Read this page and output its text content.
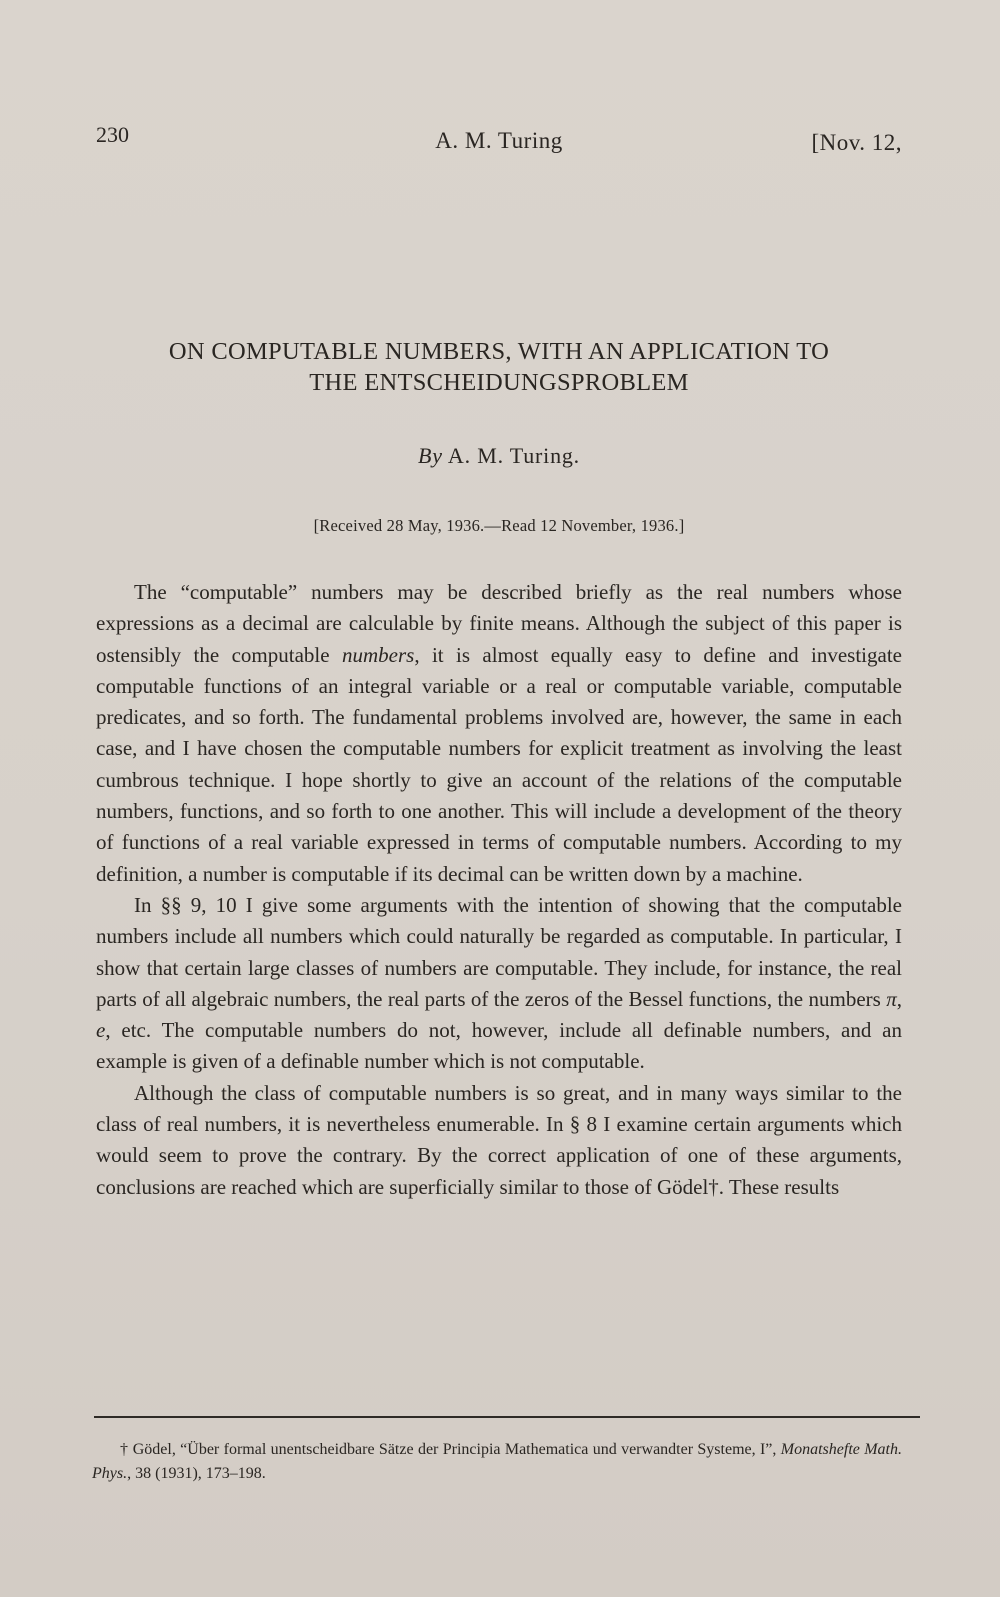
230	A. M. Turing	[Nov. 12,
ON COMPUTABLE NUMBERS, WITH AN APPLICATION TO
THE ENTSCHEIDUNGSPROBLEM
By A. M. Turing.
[Received 28 May, 1936.—Read 12 November, 1936.]

The “computable” numbers may be described briefly as the real numbers whose expressions as a decimal are calculable by finite means. Although the subject of this paper is ostensibly the computable numbers, it is almost equally easy to define and investigate computable functions of an integral variable or a real or computable variable, computable predicates, and so forth. The fundamental problems involved are, however, the same in each case, and I have chosen the computable numbers for explicit treatment as involving the least cumbrous technique. I hope shortly to give an account of the relations of the computable numbers, functions, and so forth to one another. This will include a development of the theory of functions of a real variable expressed in terms of computable numbers. According to my definition, a number is computable if its decimal can be written down by a machine.

In §§ 9, 10 I give some arguments with the intention of showing that the computable numbers include all numbers which could naturally be regarded as computable. In particular, I show that certain large classes of numbers are computable. They include, for instance, the real parts of all algebraic numbers, the real parts of the zeros of the Bessel functions, the numbers π, e, etc. The computable numbers do not, however, include all definable numbers, and an example is given of a definable number which is not computable.

Although the class of computable numbers is so great, and in many ways similar to the class of real numbers, it is nevertheless enumerable. In § 8 I examine certain arguments which would seem to prove the contrary. By the correct application of one of these arguments, conclusions are reached which are superficially similar to those of Gödel†. These results

† Gödel, “Über formal unentscheidbare Sätze der Principia Mathematica und verwandter Systeme, I”, Monatshefte Math. Phys., 38 (1931), 173–198.
